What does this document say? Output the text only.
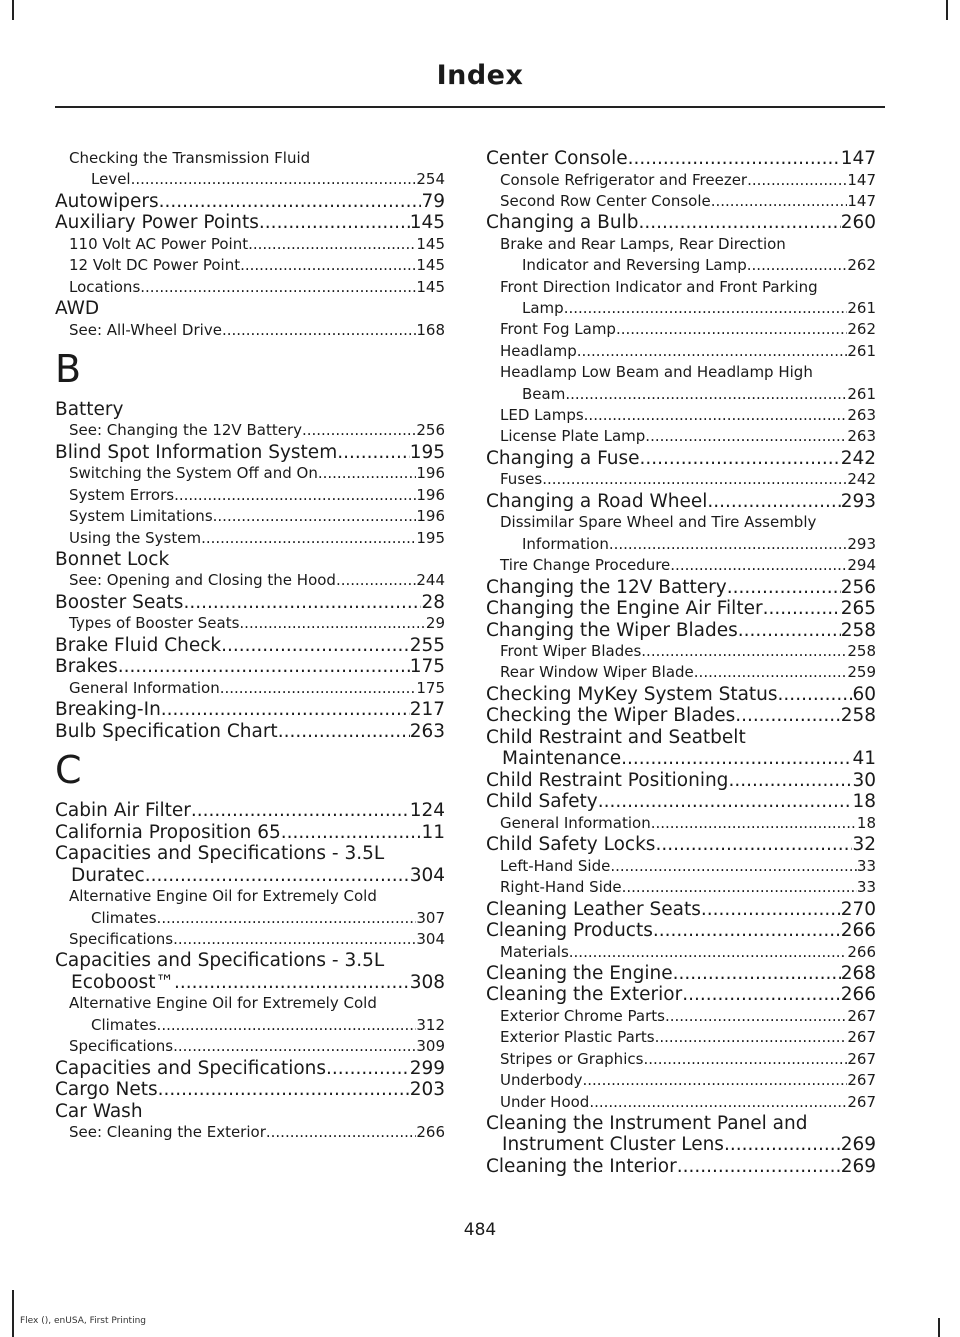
Index
Checking the Transmission Fluid
Level .....	254
Autowipers .....	79
Auxiliary Power Points .....	145
110 Volt AC Power Point .....	145
12 Volt DC Power Point .....	145
Locations .....	145
AWD
See: All-Wheel Drive .....	168
B
Battery
See: Changing the 12V Battery .....	256
Blind Spot Information System .....	195
Switching the System Off and On .....	196
System Errors .....	196
System Limitations .....	196
Using the System .....	195
Bonnet Lock
See: Opening and Closing the Hood .....	244
Booster Seats .....	28
Types of Booster Seats .....	29
Brake Fluid Check .....	255
Brakes .....	175
General Information .....	175
Breaking-In .....	217
Bulb Specification Chart .....	263
C
Cabin Air Filter .....	124
California Proposition 65 .....	11
Capacities and Specifications - 3.5L
Duratec .....	304
Alternative Engine Oil for Extremely Cold
Climates .....	307
Specifications .....	304
Capacities and Specifications - 3.5L
Ecoboost™ .....	308
Alternative Engine Oil for Extremely Cold
Climates .....	312
Specifications .....	309
Capacities and Specifications .....	299
Cargo Nets .....	203
Car Wash
See: Cleaning the Exterior .....	266
Center Console .....	147
Console Refrigerator and Freezer .....	147
Second Row Center Console .....	147
Changing a Bulb .....	260
Brake and Rear Lamps, Rear Direction
Indicator and Reversing Lamp .....	262
Front Direction Indicator and Front Parking
Lamp .....	261
Front Fog Lamp .....	262
Headlamp .....	261
Headlamp Low Beam and Headlamp High
Beam .....	261
LED Lamps .....	263
License Plate Lamp .....	263
Changing a Fuse .....	242
Fuses .....	242
Changing a Road Wheel .....	293
Dissimilar Spare Wheel and Tire Assembly
Information .....	293
Tire Change Procedure .....	294
Changing the 12V Battery .....	256
Changing the Engine Air Filter .....	265
Changing the Wiper Blades .....	258
Front Wiper Blades .....	258
Rear Window Wiper Blade .....	259
Checking MyKey System Status .....	60
Checking the Wiper Blades .....	258
Child Restraint and Seatbelt
Maintenance .....	41
Child Restraint Positioning .....	30
Child Safety .....	18
General Information .....	18
Child Safety Locks .....	32
Left-Hand Side .....	33
Right-Hand Side .....	33
Cleaning Leather Seats .....	270
Cleaning Products .....	266
Materials .....	266
Cleaning the Engine .....	268
Cleaning the Exterior .....	266
Exterior Chrome Parts .....	267
Exterior Plastic Parts .....	267
Stripes or Graphics .....	267
Underbody .....	267
Under Hood .....	267
Cleaning the Instrument Panel and
Instrument Cluster Lens .....	269
Cleaning the Interior .....	269
484
Flex (), enUSA, First Printing
